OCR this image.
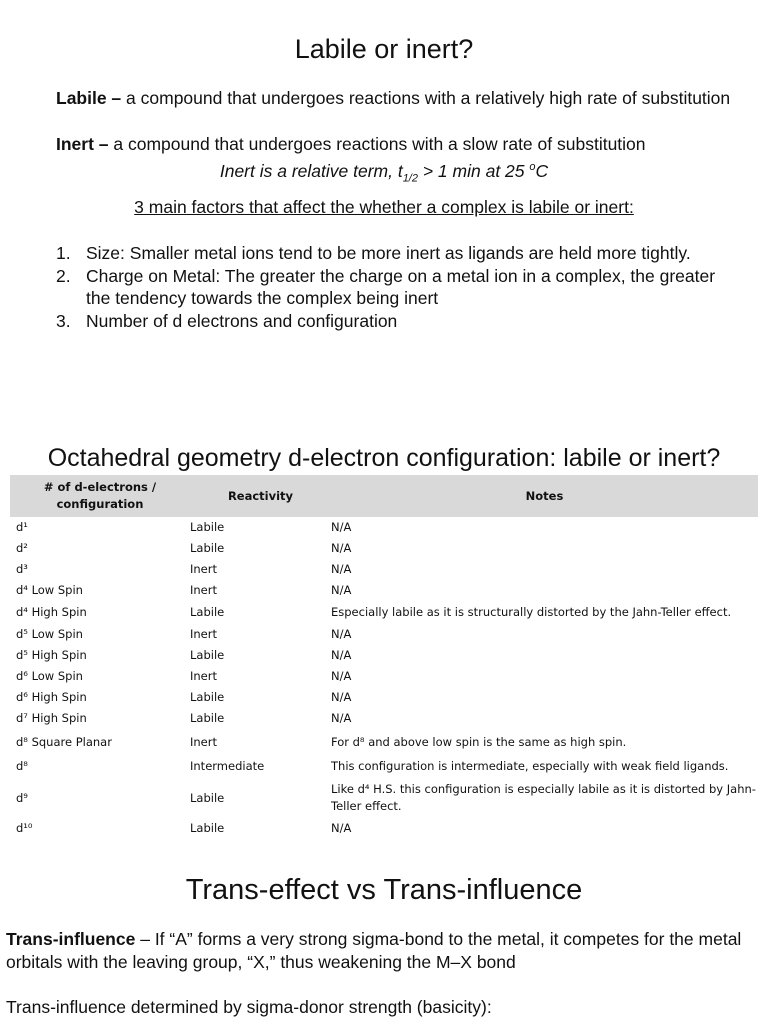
Labile or inert?
Labile – a compound that undergoes reactions with a relatively high rate of substitution
Inert – a compound that undergoes reactions with a slow rate of substitution
Inert is a relative term, $t_{1/2} > 1$ min at 25 $^o$C
3 main factors that affect the whether a complex is labile or inert:
1. Size: Smaller metal ions tend to be more inert as ligands are held more tightly.
2. Charge on Metal: The greater the charge on a metal ion in a complex, the greater the tendency towards the complex being inert
3. Number of d electrons and configuration
Octahedral geometry d-electron configuration: labile or inert?
# of d-electrons / configuration	Reactivity	Notes
d¹	Labile	N/A
d²	Labile	N/A
d³	Inert	N/A
d⁴ Low Spin	Inert	N/A
d⁴ High Spin	Labile	Especially labile as it is structurally distorted by the Jahn-Teller effect.
d⁵ Low Spin	Inert	N/A
d⁵ High Spin	Labile	N/A
d⁶ Low Spin	Inert	N/A
d⁶ High Spin	Labile	N/A
d⁷ High Spin	Labile	N/A
d⁸ Square Planar	Inert	For d⁸ and above low spin is the same as high spin.
d⁸	Intermediate	This configuration is intermediate, especially with weak field ligands.
d⁹	Labile	Like d⁴ H.S. this configuration is especially labile as it is distorted by Jahn-Teller effect.
d¹⁰	Labile	N/A
Trans-effect vs Trans-influence
Trans-influence – If “A” forms a very strong sigma-bond to the metal, it competes for the metal orbitals with the leaving group, “X,” thus weakening the M–X bond
Trans-influence determined by sigma-donor strength (basicity):
